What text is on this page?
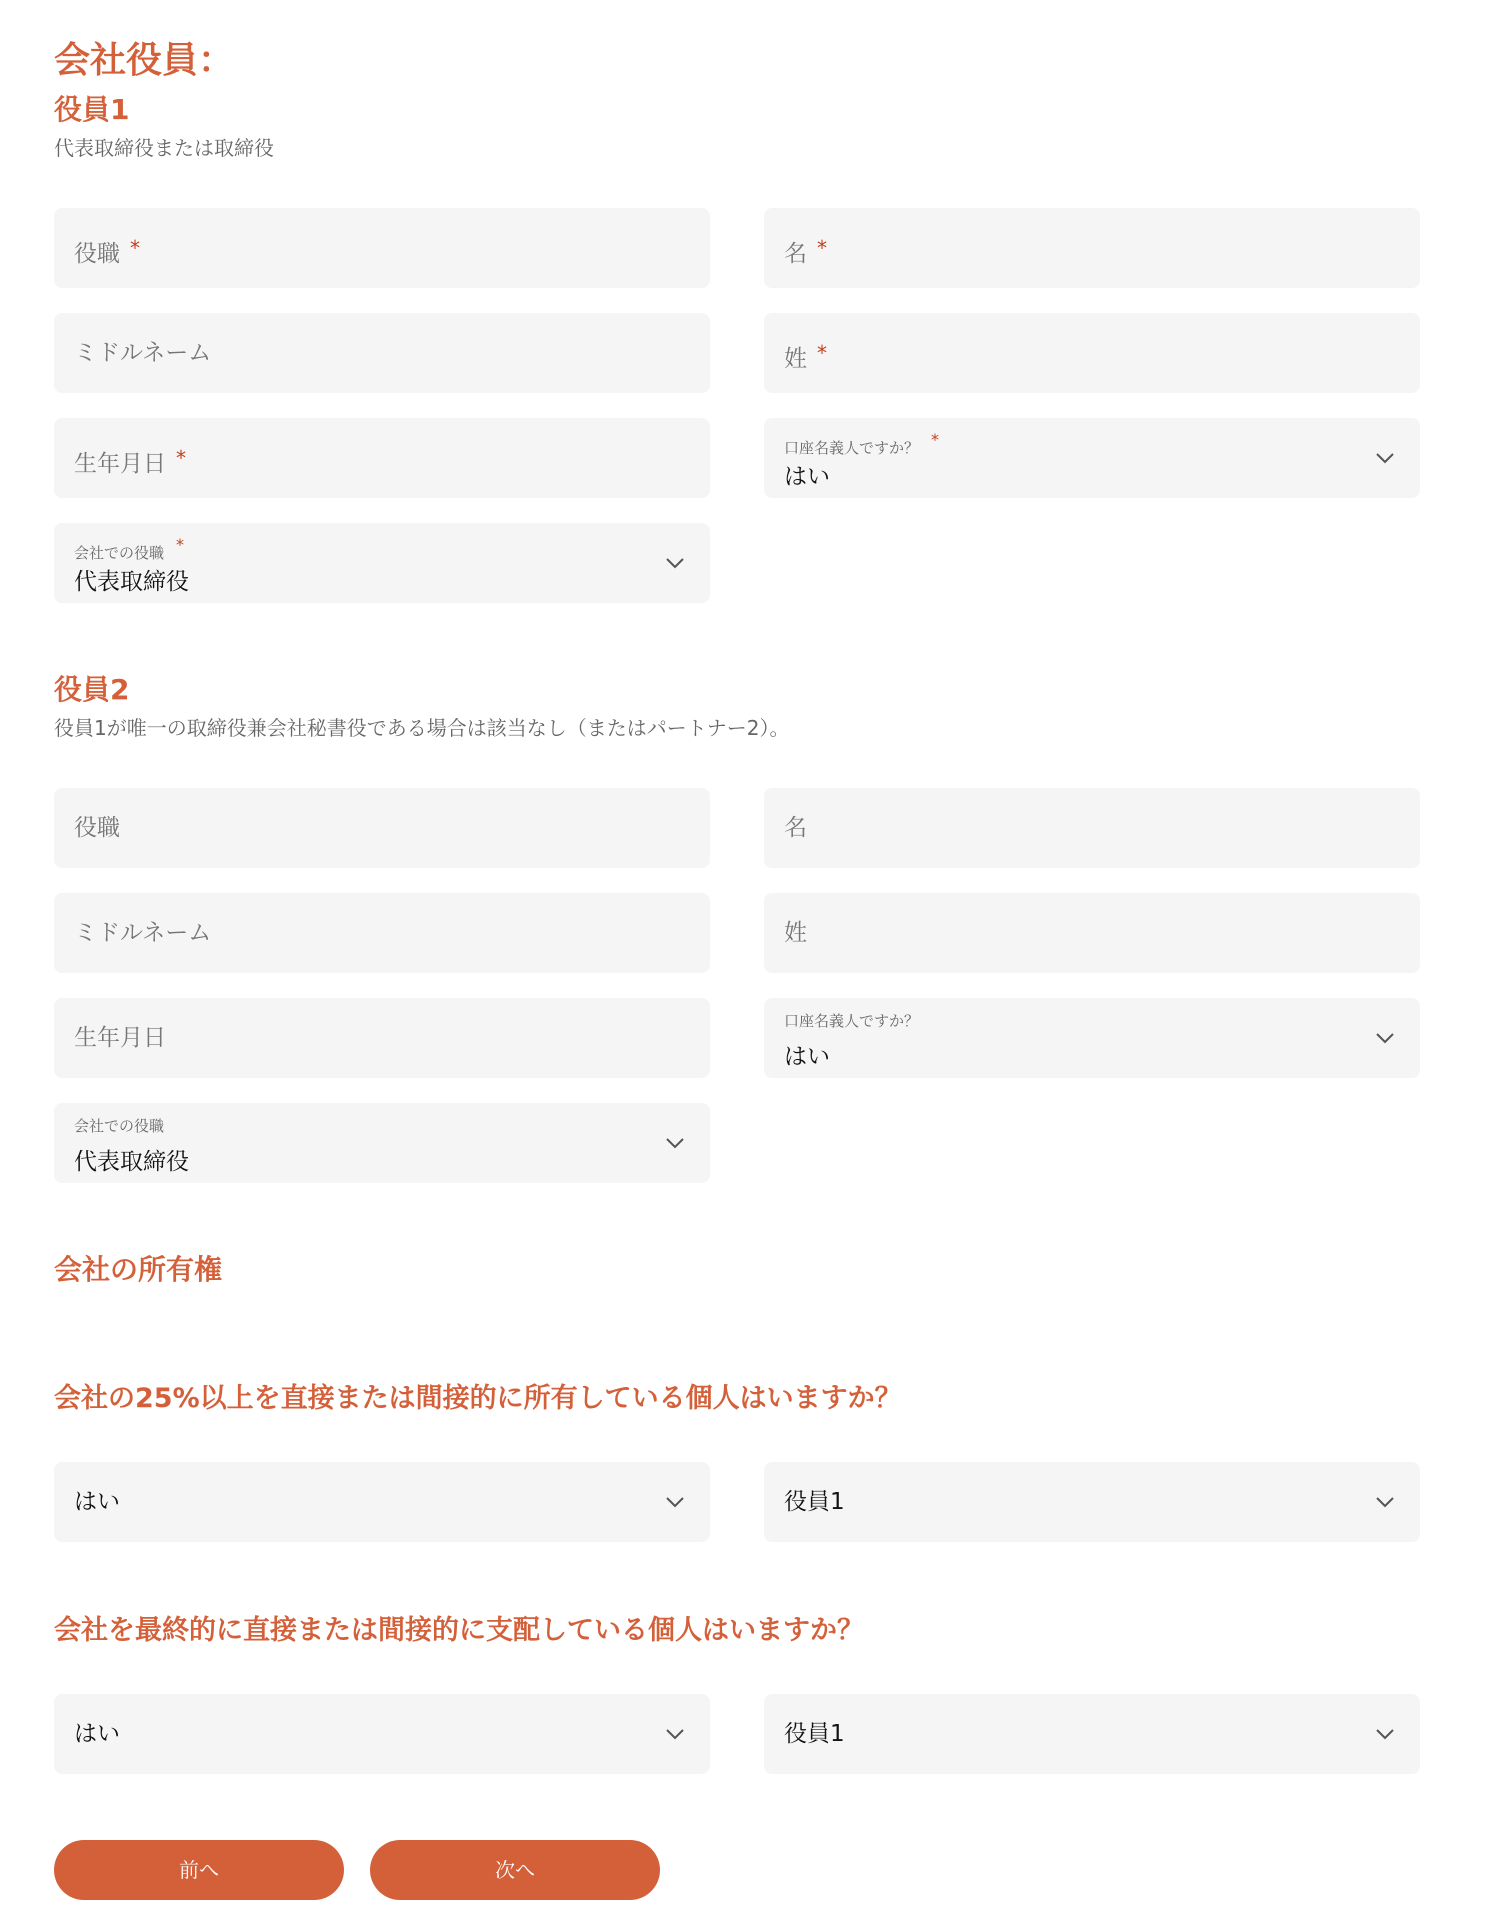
会社役員：
役員1
代表取締役または取締役
役職 *	名 *
ミドルネーム	姓 *
生年月日 *	口座名義人ですか？ *
はい
会社での役職 *
代表取締役
役員2
役員1が唯一の取締役兼会社秘書役である場合は該当なし（またはパートナー2）。
役職	名
ミドルネーム	姓
生年月日
口座名義人ですか？
はい
会社での役職
代表取締役
会社の所有権
会社の25%以上を直接または間接的に所有している個人はいますか？
はい	役員1
会社を最終的に直接または間接的に支配している個人はいますか？
はい	役員1
前へ	次へ
